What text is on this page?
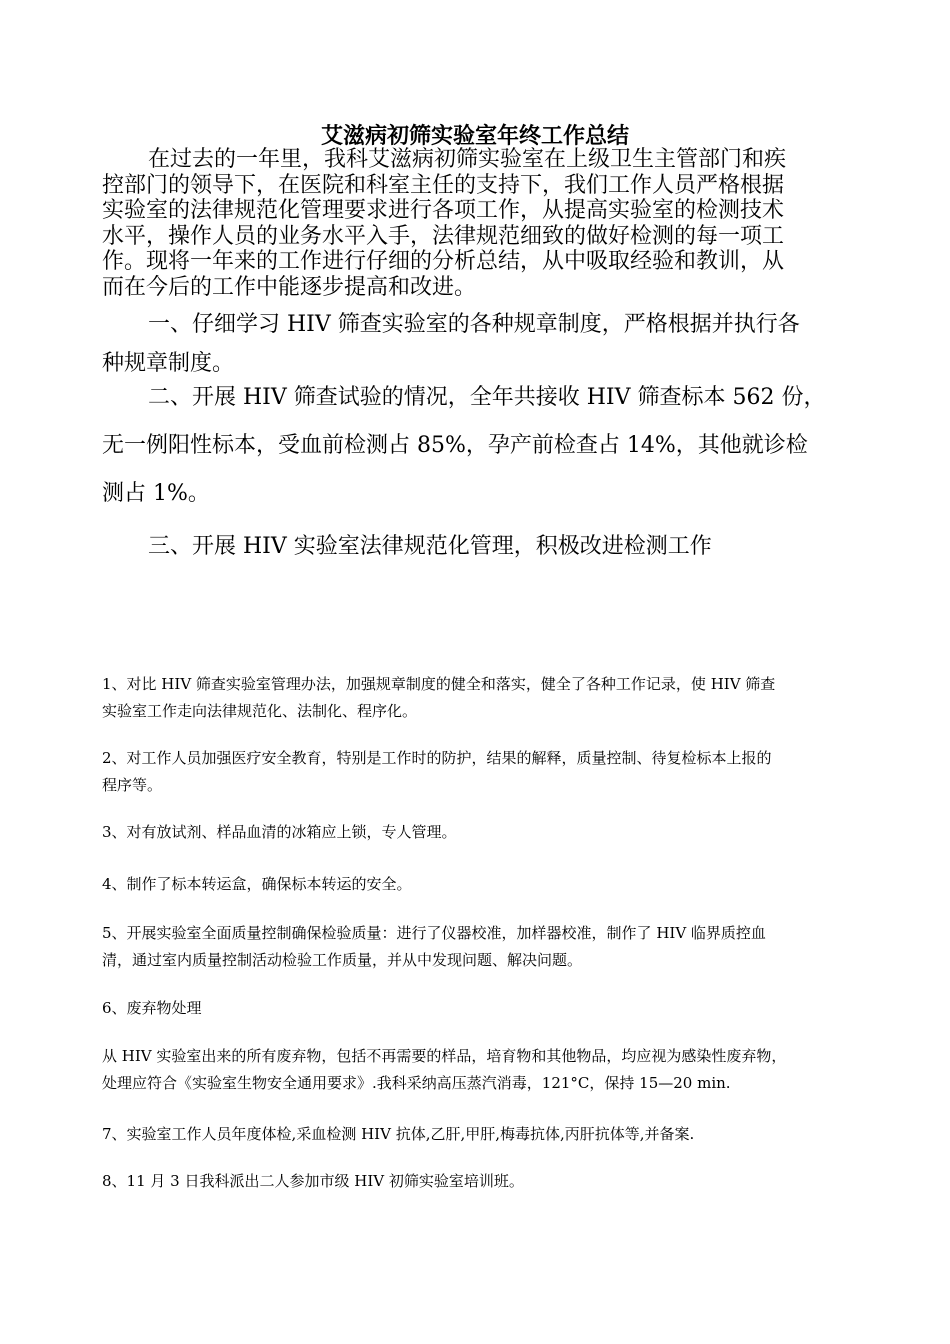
艾滋病初筛实验室年终工作总结

在过去的一年里，我科艾滋病初筛实验室在上级卫生主管部门和疾
控部门的领导下，在医院和科室主任的支持下，我们工作人员严格根据
实验室的法律规范化管理要求进行各项工作，从提高实验室的检测技术
水平，操作人员的业务水平入手，法律规范细致的做好检测的每一项工
作。现将一年来的工作进行仔细的分析总结，从中吸取经验和教训，从
而在今后的工作中能逐步提高和改进。

一、仔细学习 HIV 筛查实验室的各种规章制度，严格根据并执行各
种规章制度。

二、开展 HIV 筛查试验的情况，全年共接收 HIV 筛查标本 562 份，
无一例阳性标本，受血前检测占 85%，孕产前检查占 14%，其他就诊检
测占 1%。

三、开展 HIV 实验室法律规范化管理，积极改进检测工作

1、对比 HIV 筛查实验室管理办法，加强规章制度的健全和落实，健全了各种工作记录，使 HIV 筛查
实验室工作走向法律规范化、法制化、程序化。

2、对工作人员加强医疗安全教育，特别是工作时的防护，结果的解释，质量控制、待复检标本上报的
程序等。

3、对有放试剂、样品血清的冰箱应上锁，专人管理。

4、制作了标本转运盒，确保标本转运的安全。

5、开展实验室全面质量控制确保检验质量：进行了仪器校准，加样器校准，制作了 HIV 临界质控血
清，通过室内质量控制活动检验工作质量，并从中发现问题、解决问题。

6、废弃物处理

从 HIV 实验室出来的所有废弃物，包括不再需要的样品，培育物和其他物品，均应视为感染性废弃物，
处理应符合《实验室生物安全通用要求》.我科采纳高压蒸汽消毒，121°C，保持 15—20 min.

7、实验室工作人员年度体检,采血检测 HIV 抗体,乙肝,甲肝,梅毒抗体,丙肝抗体等,并备案.

8、11 月 3 日我科派出二人参加市级 HIV 初筛实验室培训班。
